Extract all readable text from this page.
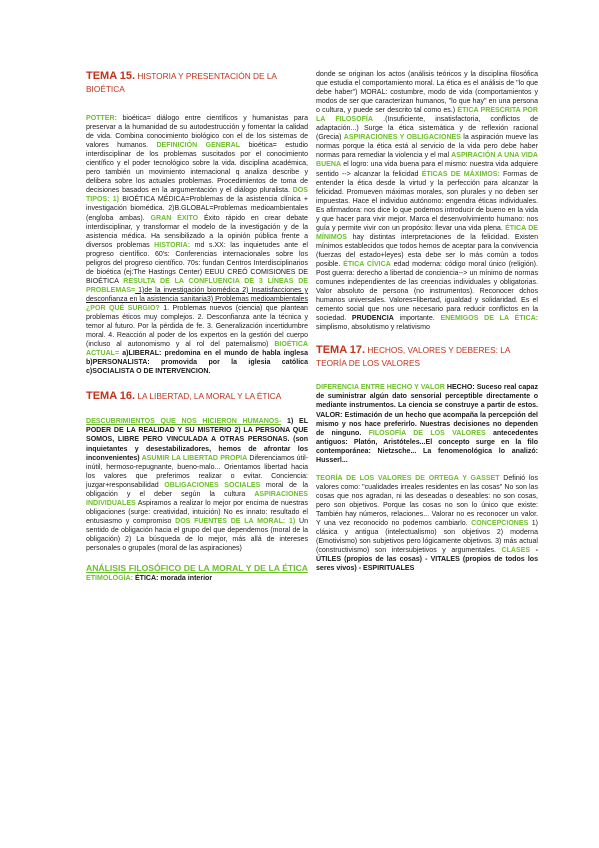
TEMA 15. HISTORIA Y PRESENTACIÓN DE LA BIOÉTICA

POTTER: bioética= diálogo entre científicos y humanistas para preservar a la humanidad de su autodestrucción y fomentar la calidad de vida. Combina conocimiento biológico con el de los sistemas de valores humanos. DEFINICIÓN GENERAL bioética= estudio interdisciplinar de los problemas suscitados por el conocimiento científico y el poder tecnológico sobre la vida. disciplina académica, pero también un movimiento internacional q analiza describe y delibera sobre los actuales problemas. Procedimientos de toma de decisiones basados en la argumentación y el diálogo pluralista. DOS TIPOS: 1) BIOÉTICA MÉDICA=Problemas de la asistencia clínica + investigación biomédica. 2)B.GLOBAL=Problemas medioambientales (engloba ambas). GRAN ÉXITO Éxito rápido en crear debate interdisciplinar, y transformar el modelo de la investigación y de la asistencia médica. Ha sensibilizado a la opinión pública frente a diversos problemas HISTORIA: md s.XX: las inquietudes ante el progreso científico. 60's: Conferencias internacionales sobre los peligros del progreso científico. 70s: fundan Centros Interdisciplinarios de bioética (ej:The Hastings Center) EEUU CREÓ COMISIONES DE BIOÉTICA RESULTA DE LA CONFLUENCIA DE 3 LÍNEAS DE PROBLEMAS= 1)de la investigación biomédica 2) Insatisfacciones y desconfianza en la asistencia sanitaria3) Problemas medioambientales ¿POR QUÉ SURGIO? 1. Problemas nuevos (ciencia) que plantean problemas éticos muy complejos. 2. Desconfianza ante la técnica y temor al futuro. Por la pérdida de fe. 3. Generalización incertidumbre moral. 4. Reacción al poder de los expertos en la gestión del cuerpo (incluso al autonomismo y al rol del paternalismo) BIOÉTICA ACTUAL= a)LIBERAL: predomina en el mundo de habla inglesa b)PERSONALISTA: promovida por la iglesia católica c)SOCIALISTA O DE INTERVENCION.

TEMA 16. LA LIBERTAD, LA MORAL Y LA ÉTICA

DESCUBRIMIENTOS QUE NOS HICIERON HUMANOS- 1) EL PODER DE LA REALIDAD Y SU MISTERIO 2) LA PERSONA QUE SOMOS, LIBRE PERO VINCULADA A OTRAS PERSONAS. (son inquietantes y desestabilizadores, hemos de afrontar los inconvenientes) ASUMIR LA LIBERTAD PROPIA Diferenciamos útil-inútil, hermoso-repugnante, bueno-malo... Orientamos libertad hacia los valores que preferimos realizar o evitar. Conciencia: juzgar+responsabilidad OBLIGACIONES SOCIALES moral de la obligación y el deber según la cultura ASPIRACIONES INDIVIDUALES Aspiramos a realizar lo mejor por encima de nuestras obligaciones (surge: creatividad, intuición) No es innato: resultado el entusiasmo y compromiso DOS FUENTES DE LA MORAL: 1) Un sentido de obligación hacia el grupo del que dependemos (moral de la obligación) 2) La búsqueda de lo mejor, más allá de intereses personales o grupales (moral de las aspiraciones)

ANÁLISIS FILOSÓFICO DE LA MORAL Y DE LA ÉTICA ETIMOLOGÍA: ÉTICA: morada interior

donde se originan los actos (análisis teóricos y la disciplina filosófica que estudia el comportamiento moral. La ética es el análisis de "lo que debe haber") MORAL: costumbre, modo de vida (comportamientos y modos de ser que caracterizan humanos, "lo que hay" en una persona o cultura, y puede ser descrito tal como es.) ÉTICA PRESCRITA POR LA FILOSOFÍA .(Insuficiente, insatisfactoria, conflictos de adaptación...) Surge la ética sistemática y de reflexión racional (Grecia) ASPIRACIONES Y OBLIGACIONES la aspiración mueve las normas porque la ética está al servicio de la vida pero debe haber normas para remediar la violencia y el mal ASPIRACIÓN A UNA VIDA BUENA el logro: una vida buena para el mismo: nuestra vida adquiere sentido --> alcanzar la felicidad ÉTICAS DE MÁXIMOS: Formas de entender la ética desde la virtud y la perfección para alcanzar la felicidad. Promueven máximas morales, son plurales y no deben ser impuestas. Hace el individuo autónomo: engendra éticas individuales. Es afirmadora: nos dice lo que podemos introducir de bueno en la vida y que hacer para vivir mejor. Marca el desenvolvimiento humano: nos guía y permite vivir con un propósito: llevar una vida plena. ÉTICA DE MÍNIMOS hay distintas interpretaciones de la felicidad. Existen mínimos establecidos que todos hemos de aceptar para la convivencia (fuerzas del estado+leyes) esta debe ser lo más común a todos posible. ÉTICA CÍVICA edad moderna: código moral único (religión). Post guerra: derecho a libertad de conciencia--> un mínimo de normas comunes independientes de las creencias individuales y obligatorias. Valor absoluto de persona (no instrumentos). Reconocer dchos humanos universales. Valores=libertad, igualdad y solidaridad. Es el cemento social que nos une necesario para reducir conflictos en la sociedad. PRUDENCIA importante. ENEMIGOS DE LA ÉTICA: simplismo, absolutismo y relativismo

TEMA 17. HECHOS, VALORES Y DEBERES: LA TEORÍA DE LOS VALORES

DIFERENCIA ENTRE HECHO Y VALOR HECHO: Suceso real capaz de suministrar algún dato sensorial perceptible directamente o mediante instrumentos. La ciencia se construye a partir de estos. VALOR: Estimación de un hecho que acompaña la percepción del mismo y nos hace preferirlo. Nuestras decisiones no dependen de ninguno. FILOSOFÍA DE LOS VALORES antecedentes antiguos: Platón, Aristóteles...El concepto surge en la filo contemporánea: Nietzsche... La fenomenológica lo analizó: Husserl...

TEORÍA DE LOS VALORES DE ORTEGA Y GASSET Definió los valores como: "cualidades irreales residentes en las cosas" No son las cosas que nos agradan, ni las deseadas o deseables: no son cosas, pero son objetivos. Porque las cosas no son lo único que existe: También hay números, relaciones... Valorar no es reconocer un valor. Y una vez reconocido no podemos cambiarlo. CONCEPCIONES 1) clásica y antigua (intelectualismo) son objetivos 2) moderna (Emotivismo) son subjetivos pero lógicamente objetivos. 3) más actual (constructivismo) son intersubjetivos y argumentales. CLASES - ÚTILES (propios de las cosas) - VITALES (propios de todos los seres vivos) - ESPIRITUALES
